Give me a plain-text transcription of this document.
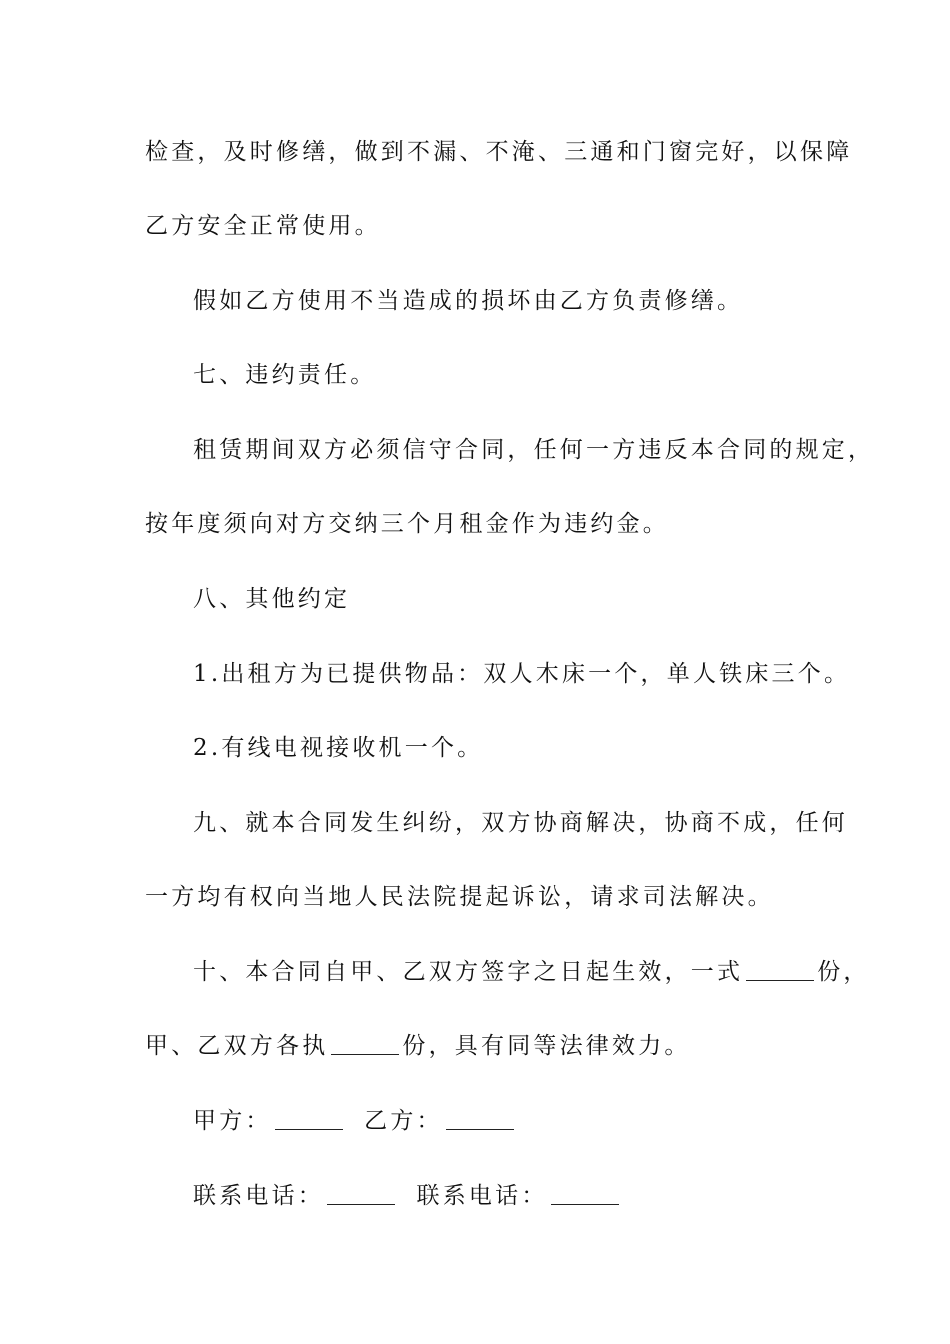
检查，及时修缮，做到不漏、不淹、三通和门窗完好，以保障
乙方安全正常使用。
假如乙方使用不当造成的损坏由乙方负责修缮。
七、违约责任。
租赁期间双方必须信守合同，任何一方违反本合同的规定，
按年度须向对方交纳三个月租金作为违约金。
八、其他约定
1.出租方为已提供物品：双人木床一个，单人铁床三个。
2.有线电视接收机一个。
九、就本合同发生纠纷，双方协商解决，协商不成，任何
一方均有权向当地人民法院提起诉讼，请求司法解决。
十、本合同自甲、乙双方签字之日起生效，一式	份，
甲、乙双方各执	份，具有同等法律效力。
甲方：	乙方：
联系电话：	联系电话：
